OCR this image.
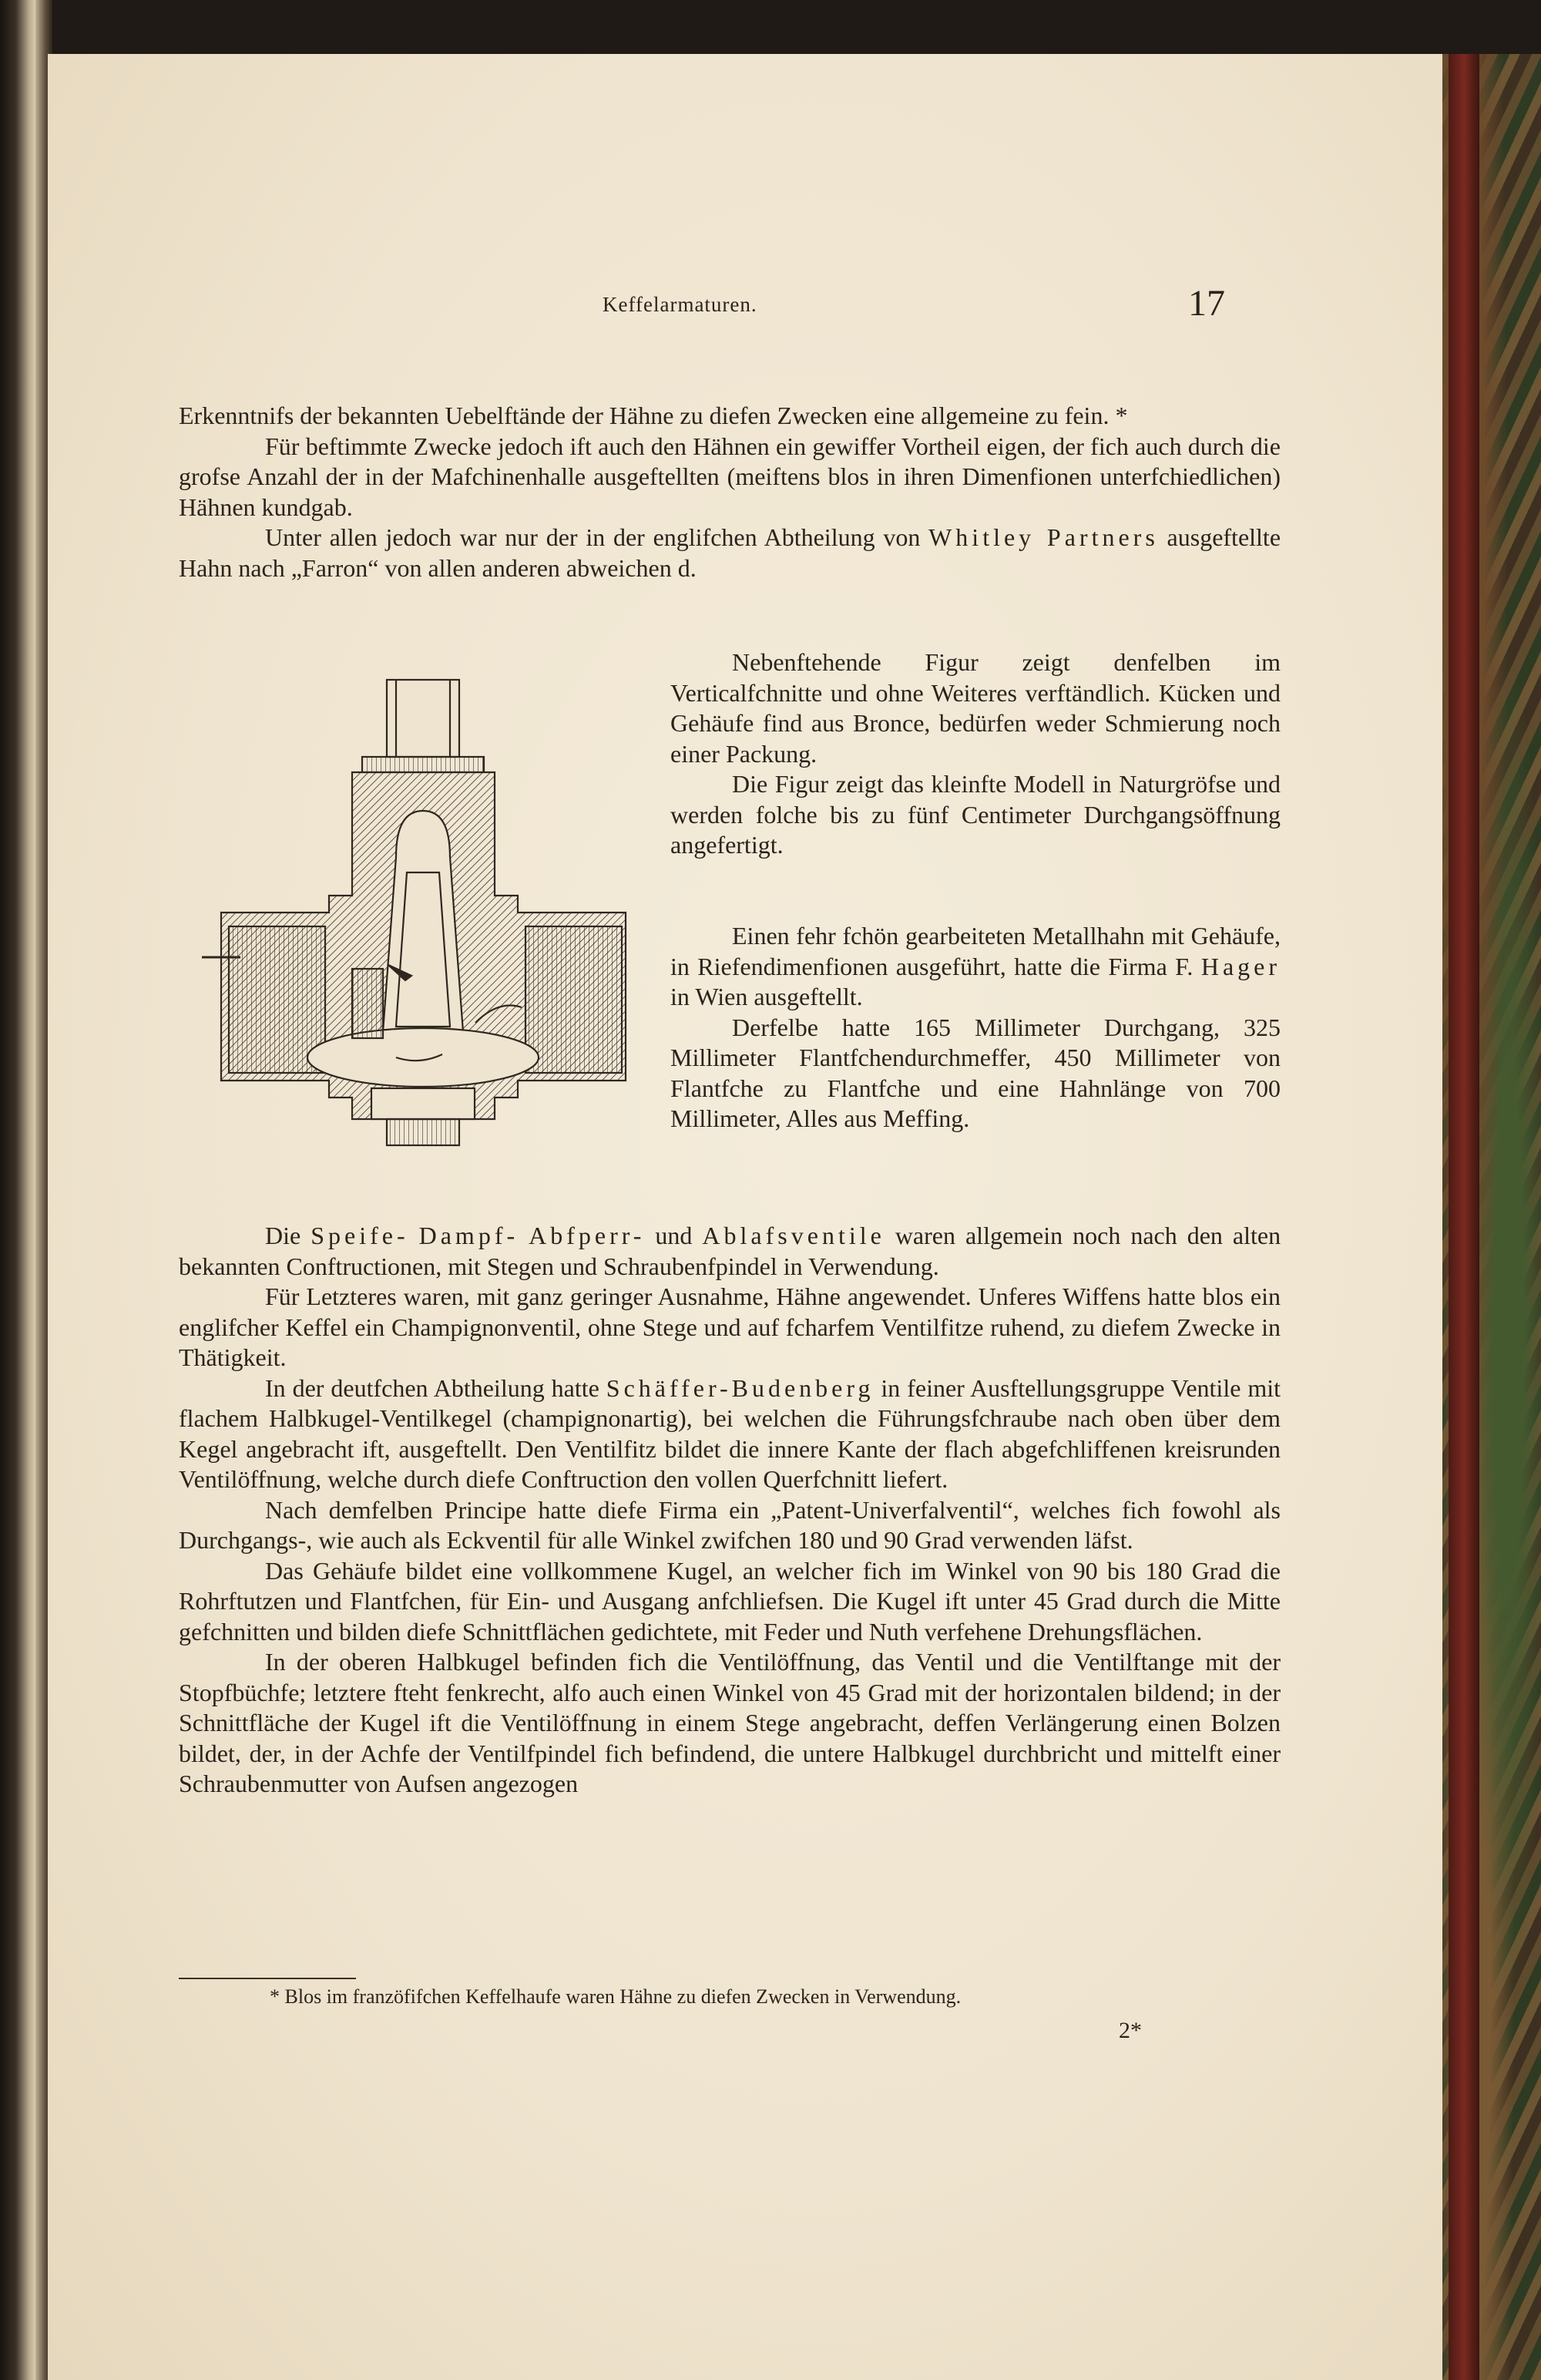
Keffelarmaturen.	17

Erkenntnifs der bekannten Uebelftände der Hähne zu diefen Zwecken eine allgemeine zu fein. *

Für beftimmte Zwecke jedoch ift auch den Hähnen ein gewiffer Vortheil eigen, der fich auch durch die grofse Anzahl der in der Mafchinenhalle ausgeftellten (meiftens blos in ihren Dimenfionen unterfchiedlichen) Hähnen kundgab.

Unter allen jedoch war nur der in der englifchen Abtheilung von Whitley Partners ausgeftellte Hahn nach „Farron“ von allen anderen abweichen d.

Nebenftehende Figur zeigt denfelben im Verticalfchnitte und ohne Weiteres verftändlich. Kücken und Gehäufe find aus Bronce, bedürfen weder Schmierung noch einer Packung.

Die Figur zeigt das kleinfte Modell in Naturgröfse und werden folche bis zu fünf Centimeter Durchgangsöffnung angefertigt.

Einen fehr fchön gearbeiteten Metallhahn mit Gehäufe, in Riefendimenfionen ausgeführt, hatte die Firma F. Hager in Wien ausgeftellt.

Derfelbe hatte 165 Millimeter Durchgang, 325 Millimeter Flantfchendurchmeffer, 450 Millimeter von Flantfche zu Flantfche und eine Hahnlänge von 700 Millimeter, Alles aus Meffing.

Die Speife- Dampf- Abfperr- und Ablafsventile waren allgemein noch nach den alten bekannten Conftructionen, mit Stegen und Schraubenfpindel in Verwendung.

Für Letzteres waren, mit ganz geringer Ausnahme, Hähne angewendet. Unferes Wiffens hatte blos ein englifcher Keffel ein Champignonventil, ohne Stege und auf fcharfem Ventilfitze ruhend, zu diefem Zwecke in Thätigkeit.

In der deutfchen Abtheilung hatte Schäffer-Budenberg in feiner Ausftellungsgruppe Ventile mit flachem Halbkugel-Ventilkegel (champignonartig), bei welchen die Führungsfchraube nach oben über dem Kegel angebracht ift, ausgeftellt. Den Ventilfitz bildet die innere Kante der flach abgefchliffenen kreisrunden Ventilöffnung, welche durch diefe Conftruction den vollen Querfchnitt liefert.

Nach demfelben Principe hatte diefe Firma ein „Patent-Univerfalventil“, welches fich fowohl als Durchgangs-, wie auch als Eckventil für alle Winkel zwifchen 180 und 90 Grad verwenden läfst.

Das Gehäufe bildet eine vollkommene Kugel, an welcher fich im Winkel von 90 bis 180 Grad die Rohrftutzen und Flantfchen, für Ein- und Ausgang anfchliefsen. Die Kugel ift unter 45 Grad durch die Mitte gefchnitten und bilden diefe Schnittflächen gedichtete, mit Feder und Nuth verfehene Drehungsflächen.

In der oberen Halbkugel befinden fich die Ventilöffnung, das Ventil und die Ventilftange mit der Stopfbüchfe; letztere fteht fenkrecht, alfo auch einen Winkel von 45 Grad mit der horizontalen bildend; in der Schnittfläche der Kugel ift die Ventilöffnung in einem Stege angebracht, deffen Verlängerung einen Bolzen bildet, der, in der Achfe der Ventilfpindel fich befindend, die untere Halbkugel durchbricht und mittelft einer Schraubenmutter von Aufsen angezogen

* Blos im franzöfifchen Keffelhaufe waren Hähne zu diefen Zwecken in Verwendung.
2*
